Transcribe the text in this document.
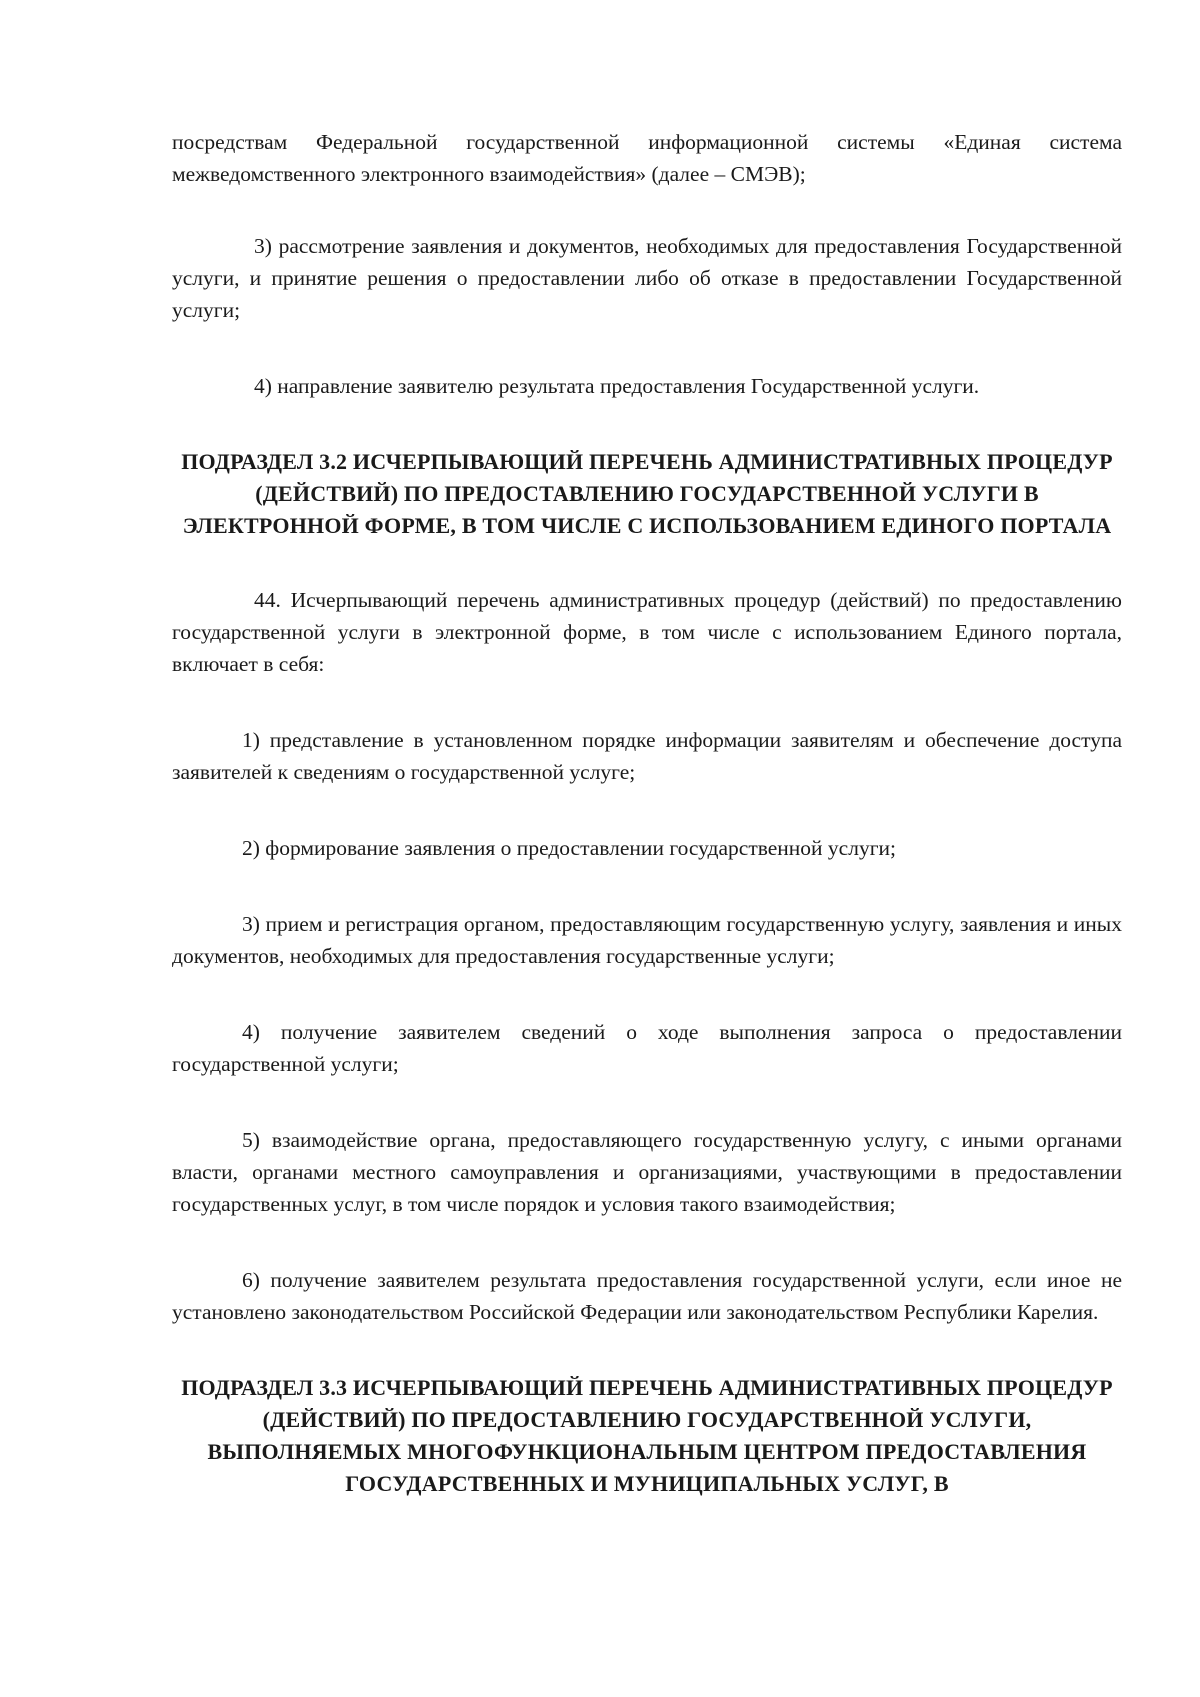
посредствам Федеральной государственной информационной системы «Единая система межведомственного электронного взаимодействия» (далее – СМЭВ);

3) рассмотрение заявления и документов, необходимых для предоставления Государственной услуги, и принятие решения о предоставлении либо об отказе в предоставлении Государственной услуги;

4) направление заявителю результата предоставления Государственной услуги.

ПОДРАЗДЕЛ 3.2 ИСЧЕРПЫВАЮЩИЙ ПЕРЕЧЕНЬ АДМИНИСТРАТИВНЫХ ПРОЦЕДУР (ДЕЙСТВИЙ) ПО ПРЕДОСТАВЛЕНИЮ ГОСУДАРСТВЕННОЙ УСЛУГИ В ЭЛЕКТРОННОЙ ФОРМЕ, В ТОМ ЧИСЛЕ С ИСПОЛЬЗОВАНИЕМ ЕДИНОГО ПОРТАЛА

44. Исчерпывающий перечень административных процедур (действий) по предоставлению государственной услуги в электронной форме, в том числе с использованием Единого портала, включает в себя:

1) представление в установленном порядке информации заявителям и обеспечение доступа заявителей к сведениям о государственной услуге;

2) формирование заявления о предоставлении государственной услуги;

3) прием и регистрация органом, предоставляющим государственную услугу, заявления и иных документов, необходимых для предоставления государственные услуги;

4) получение заявителем сведений о ходе выполнения запроса о предоставлении государственной услуги;

5) взаимодействие органа, предоставляющего государственную услугу, с иными органами власти, органами местного самоуправления и организациями, участвующими в предоставлении государственных услуг, в том числе порядок и условия такого взаимодействия;

6) получение заявителем результата предоставления государственной услуги, если иное не установлено законодательством Российской Федерации или законодательством Республики Карелия.

ПОДРАЗДЕЛ 3.3 ИСЧЕРПЫВАЮЩИЙ ПЕРЕЧЕНЬ АДМИНИСТРАТИВНЫХ ПРОЦЕДУР (ДЕЙСТВИЙ) ПО ПРЕДОСТАВЛЕНИЮ ГОСУДАРСТВЕННОЙ УСЛУГИ, ВЫПОЛНЯЕМЫХ МНОГОФУНКЦИОНАЛЬНЫМ ЦЕНТРОМ ПРЕДОСТАВЛЕНИЯ ГОСУДАРСТВЕННЫХ И МУНИЦИПАЛЬНЫХ УСЛУГ, В
